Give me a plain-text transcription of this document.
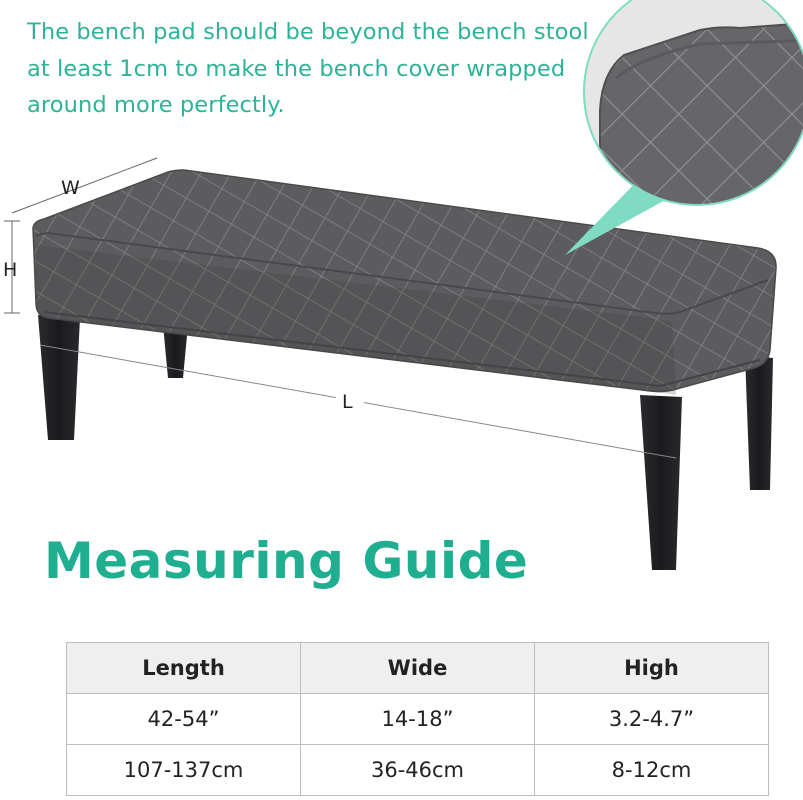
The bench pad should be beyond the bench stool
at least 1cm to make the bench cover wrapped
around more perfectly.
W
H
L
Measuring Guide
Length	Wide	High
42-54”	14-18”	3.2-4.7”
107-137cm	36-46cm	8-12cm
